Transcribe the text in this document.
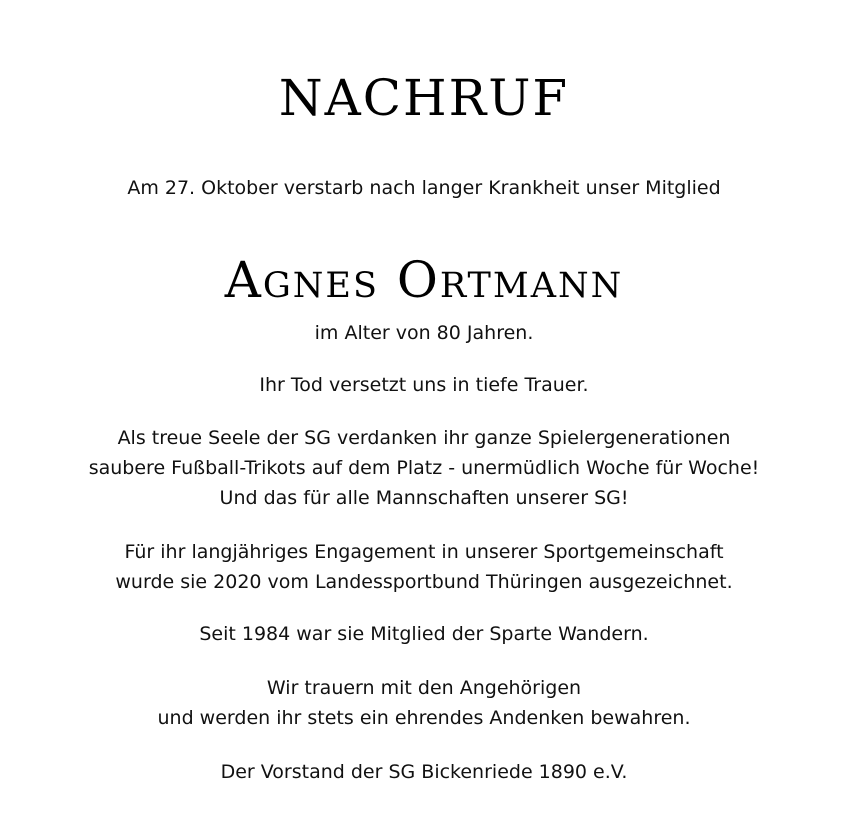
NACHRUF
Am 27. Oktober verstarb nach langer Krankheit unser Mitglied
Agnes Ortmann
im Alter von 80 Jahren.
Ihr Tod versetzt uns in tiefe Trauer.
Als treue Seele der SG verdanken ihr ganze Spielergenerationen
saubere Fußball-Trikots auf dem Platz - unermüdlich Woche für Woche!
Und das für alle Mannschaften unserer SG!
Für ihr langjähriges Engagement in unserer Sportgemeinschaft
wurde sie 2020 vom Landessportbund Thüringen ausgezeichnet.
Seit 1984 war sie Mitglied der Sparte Wandern.
Wir trauern mit den Angehörigen
und werden ihr stets ein ehrendes Andenken bewahren.
Der Vorstand der SG Bickenriede 1890 e.V.
